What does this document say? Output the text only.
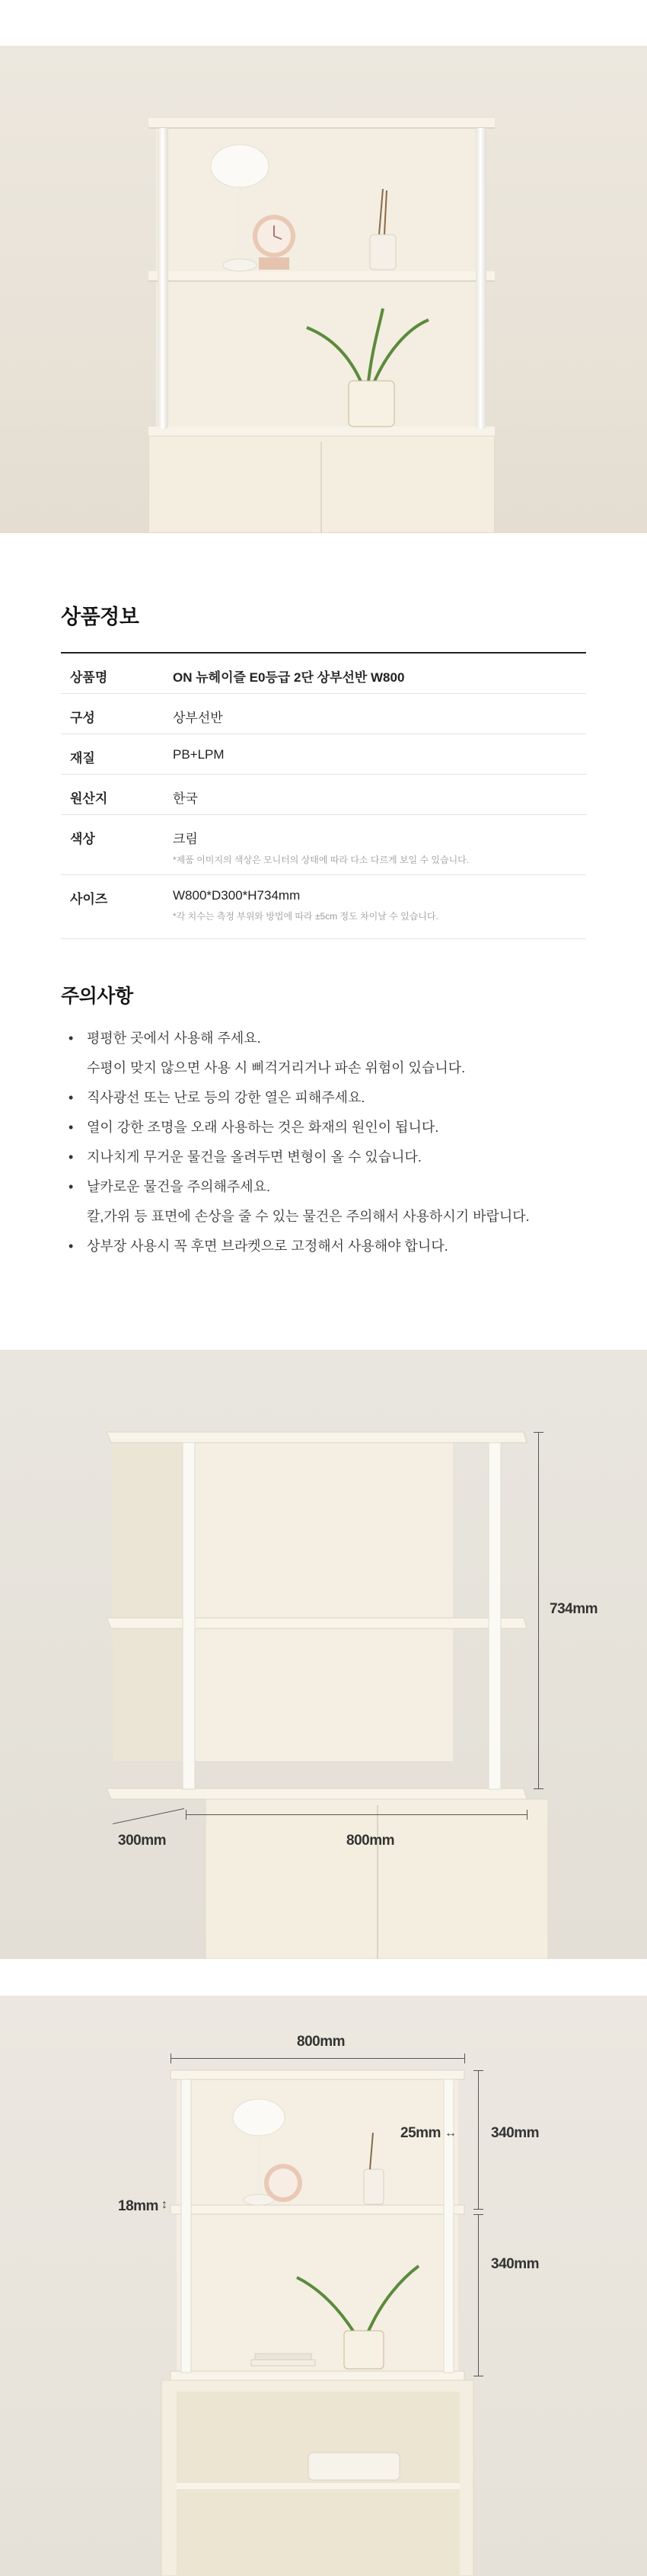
상품정보
상품명	ON 뉴헤이즐 E0등급 2단 상부선반 W800
구성	상부선반
재질	PB+LPM
원산지	한국
색상	크림
*제품 이미지의 색상은 모니터의 상태에 따라 다소 다르게 보일 수 있습니다.

사이즈	W800*D300*H734mm
*각 치수는 측정 부위와 방법에 따라 ±5cm 정도 차이날 수 있습니다.
주의사항
• 평평한 곳에서 사용해 주세요.
수평이 맞지 않으면 사용 시 삐걱거리거나 파손 위험이 있습니다.
• 직사광선 또는 난로 등의 강한 열은 피해주세요.
• 열이 강한 조명을 오래 사용하는 것은 화재의 원인이 됩니다.
• 지나치게 무거운 물건을 올려두면 변형이 올 수 있습니다.
• 날카로운 물건을 주의해주세요.
칼,가위 등 표면에 손상을 줄 수 있는 물건은 주의해서 사용하시기 바랍니다.
• 상부장 사용시 꼭 후면 브라켓으로 고정해서 사용해야 합니다.
734mm
300mm	800mm
800mm
25mm ↔ 340mm
340mm
18mm ↕
